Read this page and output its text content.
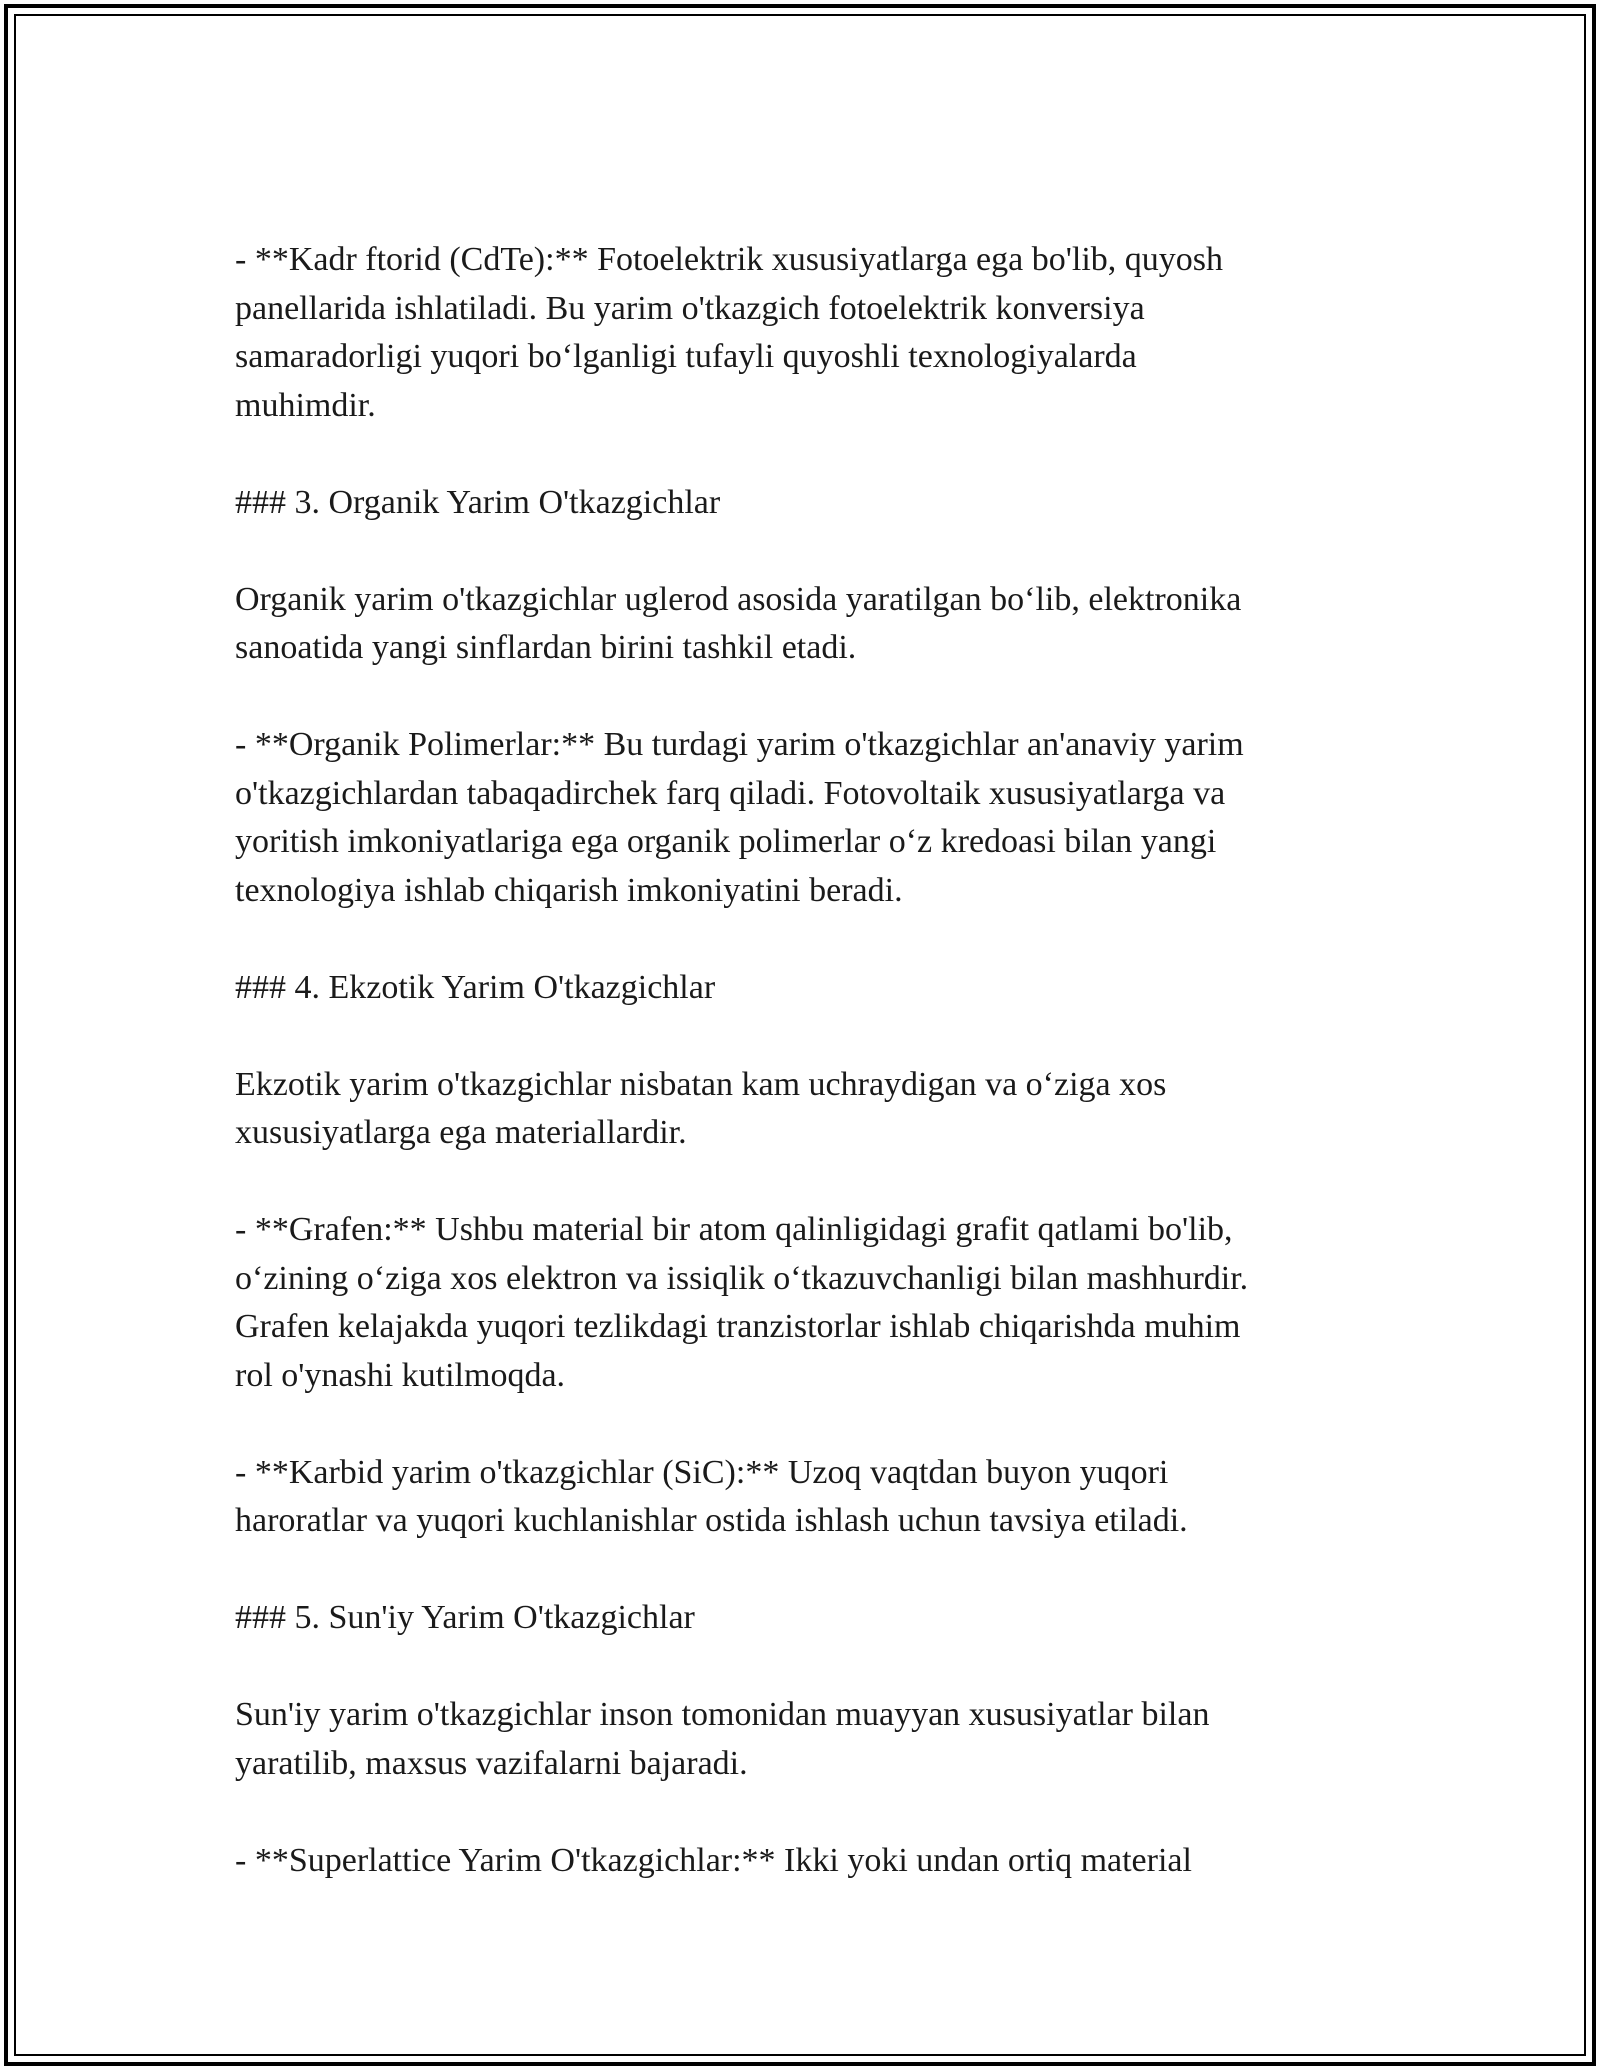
- **Kadr ftorid (CdTe):** Fotoelektrik xususiyatlarga ega bo'lib, quyosh
panellarida ishlatiladi. Bu yarim o'tkazgich fotoelektrik konversiya
samaradorligi yuqori bo‘lganligi tufayli quyoshli texnologiyalarda
muhimdir.
### 3. Organik Yarim O'tkazgichlar
Organik yarim o'tkazgichlar uglerod asosida yaratilgan bo‘lib, elektronika
sanoatida yangi sinflardan birini tashkil etadi.
- **Organik Polimerlar:** Bu turdagi yarim o'tkazgichlar an'anaviy yarim
o'tkazgichlardan tabaqadirchek farq qiladi. Fotovoltaik xususiyatlarga va
yoritish imkoniyatlariga ega organik polimerlar o‘z kredoasi bilan yangi
texnologiya ishlab chiqarish imkoniyatini beradi.
### 4. Ekzotik Yarim O'tkazgichlar
Ekzotik yarim o'tkazgichlar nisbatan kam uchraydigan va o‘ziga xos
xususiyatlarga ega materiallardir.
- **Grafen:** Ushbu material bir atom qalinligidagi grafit qatlami bo'lib,
o‘zining o‘ziga xos elektron va issiqlik o‘tkazuvchanligi bilan mashhurdir.
Grafen kelajakda yuqori tezlikdagi tranzistorlar ishlab chiqarishda muhim
rol o'ynashi kutilmoqda.
- **Karbid yarim o'tkazgichlar (SiC):** Uzoq vaqtdan buyon yuqori
haroratlar va yuqori kuchlanishlar ostida ishlash uchun tavsiya etiladi.
### 5. Sun'iy Yarim O'tkazgichlar
Sun'iy yarim o'tkazgichlar inson tomonidan muayyan xususiyatlar bilan
yaratilib, maxsus vazifalarni bajaradi.
- **Superlattice Yarim O'tkazgichlar:** Ikki yoki undan ortiq material
